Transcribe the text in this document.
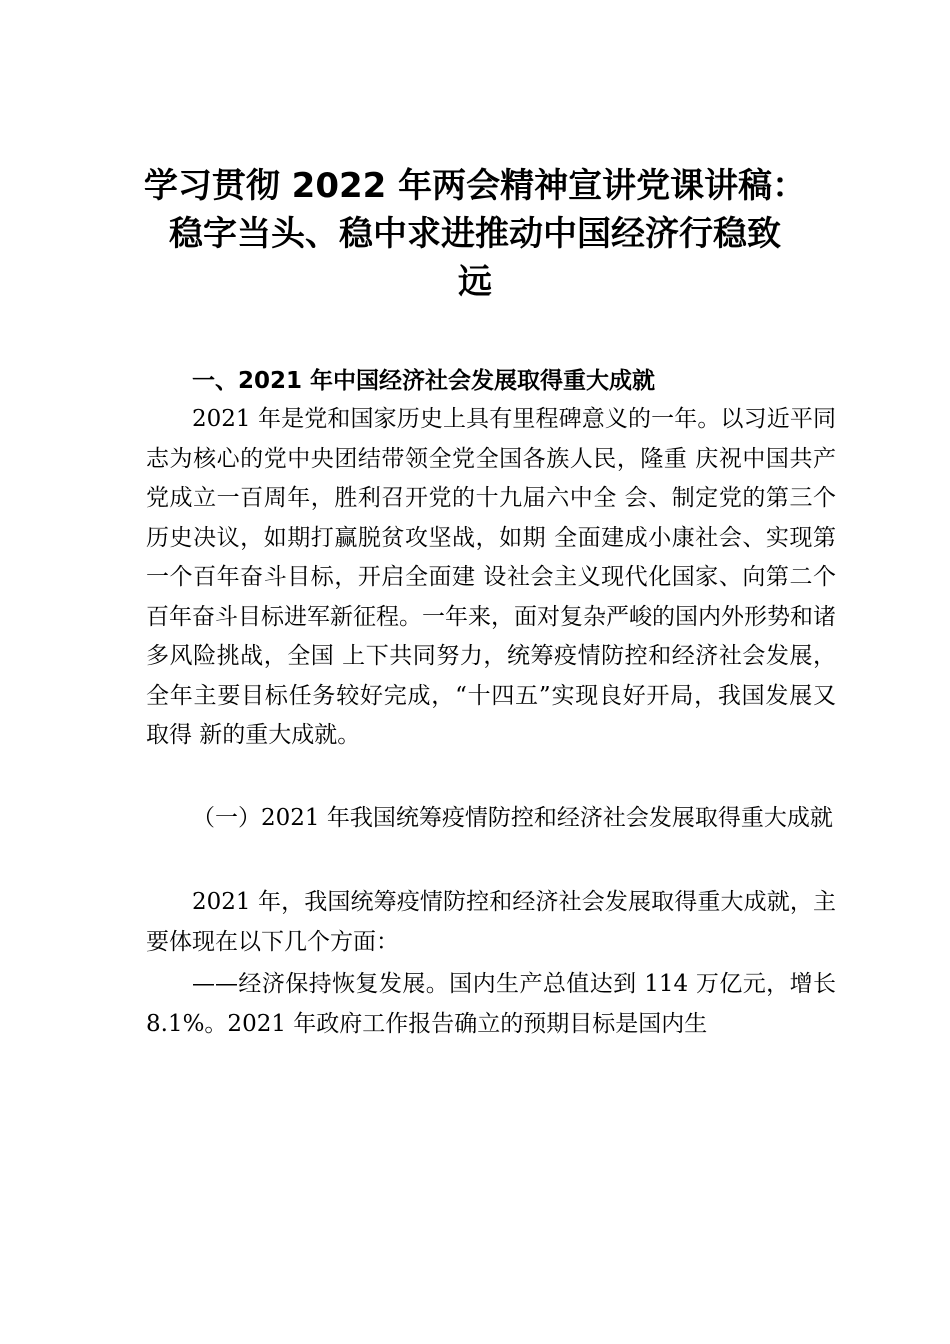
学习贯彻 2022 年两会精神宣讲党课讲稿：
稳字当头、稳中求进推动中国经济行稳致
远
一、2021 年中国经济社会发展取得重大成就

2021 年是党和国家历史上具有里程碑意义的一年。以习近平同志为核心的党中央团结带领全党全国各族人民，隆重 庆祝中国共产党成立一百周年，胜利召开党的十九届六中全 会、制定党的第三个历史决议，如期打赢脱贫攻坚战，如期 全面建成小康社会、实现第一个百年奋斗目标，开启全面建 设社会主义现代化国家、向第二个百年奋斗目标进军新征程。一年来，面对复杂严峻的国内外形势和诸多风险挑战，全国 上下共同努力，统筹疫情防控和经济社会发展，全年主要目标任务较好完成，“十四五”实现良好开局，我国发展又取得 新的重大成就。

（一）2021 年我国统筹疫情防控和经济社会发展取得重大成就

2021 年，我国统筹疫情防控和经济社会发展取得重大成就，主要体现在以下几个方面：

——经济保持恢复发展。国内生产总值达到 114 万亿元，增长 8.1%。2021 年政府工作报告确立的预期目标是国内生
